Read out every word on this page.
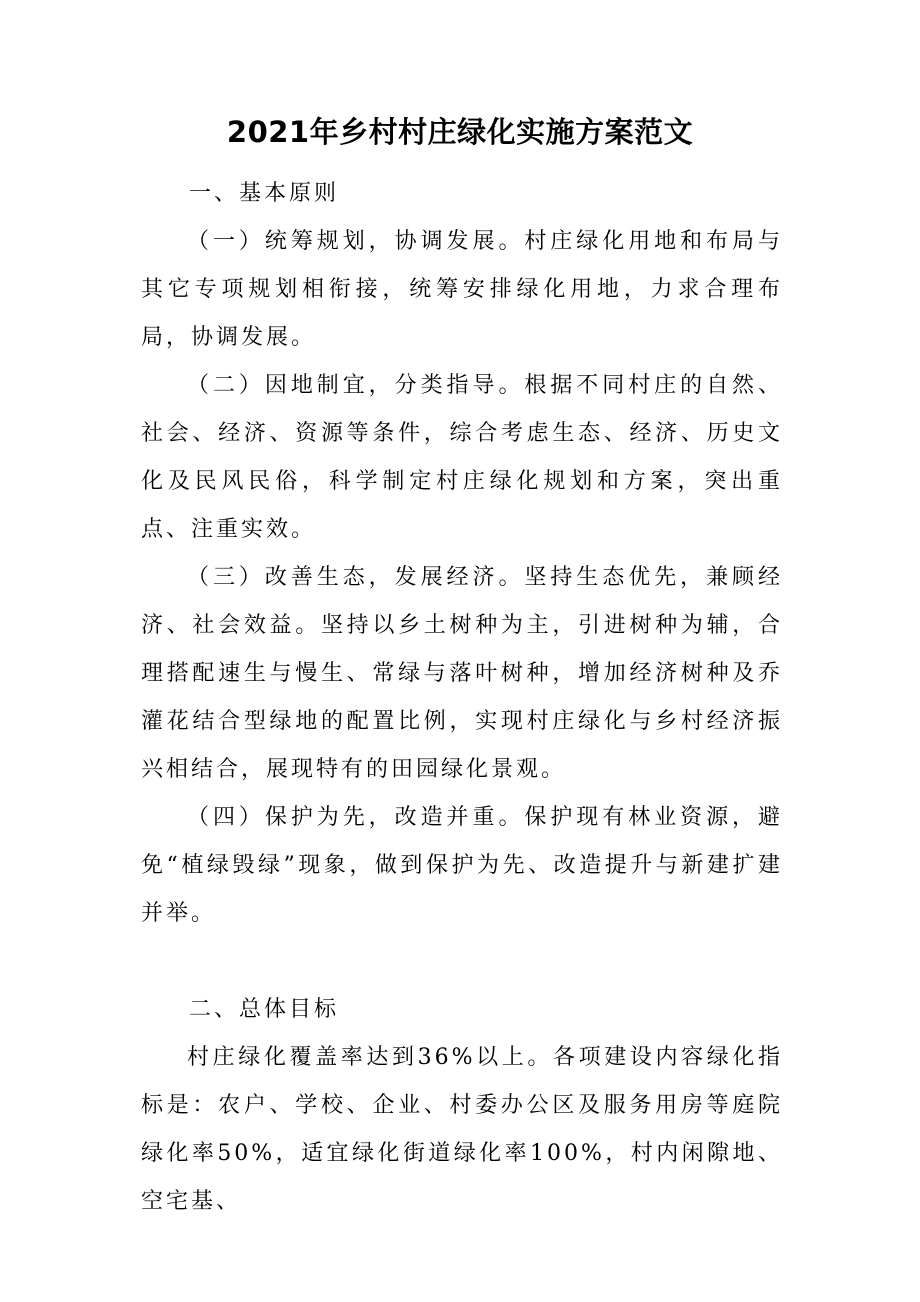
2021年乡村村庄绿化实施方案范文

一、基本原则

（一）统筹规划，协调发展。村庄绿化用地和布局与其它专项规划相衔接，统筹安排绿化用地，力求合理布局，协调发展。

（二）因地制宜，分类指导。根据不同村庄的自然、社会、经济、资源等条件，综合考虑生态、经济、历史文化及民风民俗，科学制定村庄绿化规划和方案，突出重点、注重实效。

（三）改善生态，发展经济。坚持生态优先，兼顾经济、社会效益。坚持以乡土树种为主，引进树种为辅，合理搭配速生与慢生、常绿与落叶树种，增加经济树种及乔灌花结合型绿地的配置比例，实现村庄绿化与乡村经济振兴相结合，展现特有的田园绿化景观。

（四）保护为先，改造并重。保护现有林业资源，避免“植绿毁绿”现象，做到保护为先、改造提升与新建扩建并举。

二、总体目标

村庄绿化覆盖率达到36%以上。各项建设内容绿化指标是：农户、学校、企业、村委办公区及服务用房等庭院绿化率50%，适宜绿化街道绿化率100%，村内闲隙地、空宅基、
